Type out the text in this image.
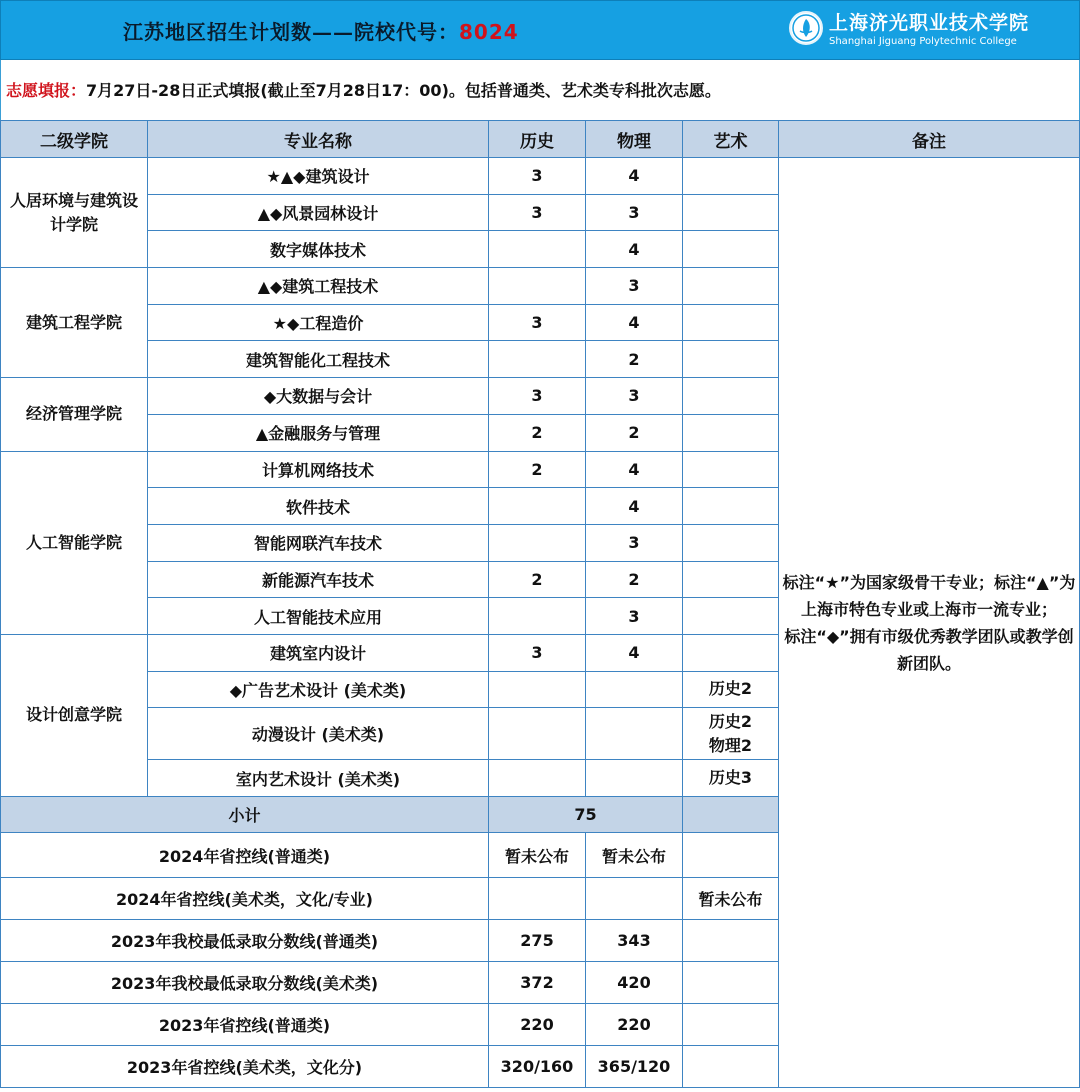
江苏地区招生计划数——院校代号：8024	上海济光职业技术学院
Shanghai Jiguang Polytechnic College
志愿填报：7月27日-28日正式填报(截止至7月28日17：00)。包括普通类、艺术类专科批次志愿。
二级学院	专业名称	历史	物理	艺术	备注
人居环境与建筑设计学院	★▲◆建筑设计	3	4		标注“★”为国家级骨干专业；标注“▲”为上海市特色专业或上海市一流专业；
标注“◆”拥有市级优秀教学团队或教学创新团队。
	▲◆风景园林设计	3	3		
	数字媒体技术		4		
建筑工程学院	▲◆建筑工程技术		3		
	★◆工程造价	3	4		
	建筑智能化工程技术		2		
经济管理学院	◆大数据与会计	3	3		
	▲金融服务与管理	2	2		
人工智能学院	计算机网络技术	2	4		
	软件技术		4		
	智能网联汽车技术		3		
	新能源汽车技术	2	2		
	人工智能技术应用		3		
设计创意学院	建筑室内设计	3	4		
	◆广告艺术设计 (美术类)			历史2	
	动漫设计 (美术类)			历史2
物理2	
	室内艺术设计 (美术类)			历史3	
小计		75			
2024年省控线(普通类)		暂未公布	暂未公布		
2024年省控线(美术类，文化/专业)				暂未公布	
2023年我校最低录取分数线(普通类)		275	343		
2023年我校最低录取分数线(美术类)		372	420		
2023年省控线(普通类)		220	220		
2023年省控线(美术类，文化分)		320/160	365/120		
